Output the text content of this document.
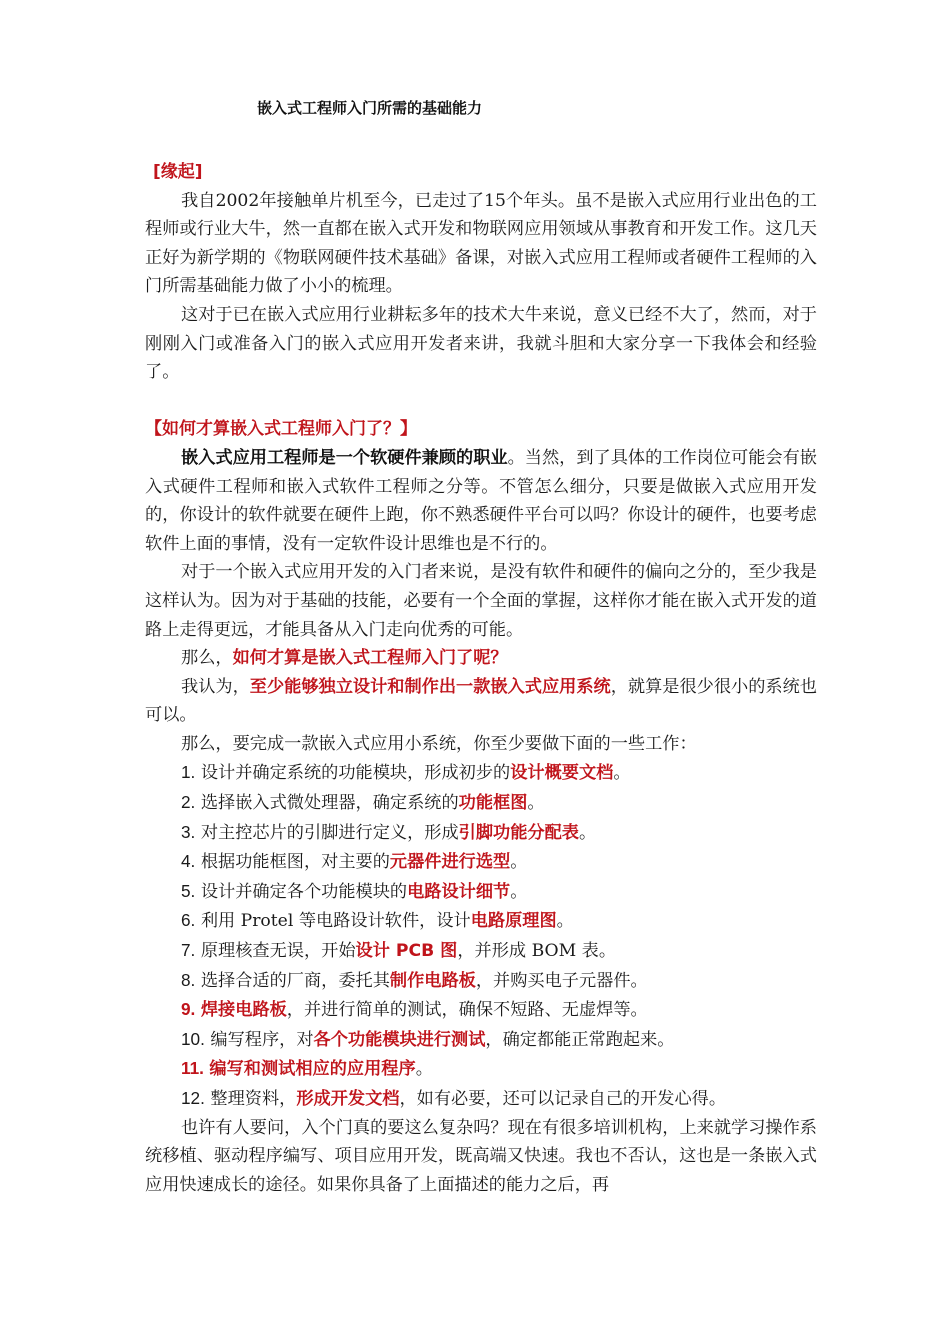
嵌入式工程师入门所需的基础能力

[缘起]

我自2002年接触单片机至今，已走过了15个年头。虽不是嵌入式应用行业出色的工程师或行业大牛，然一直都在嵌入式开发和物联网应用领域从事教育和开发工作。这几天正好为新学期的《物联网硬件技术基础》备课，对嵌入式应用工程师或者硬件工程师的入门所需基础能力做了小小的梳理。

这对于已在嵌入式应用行业耕耘多年的技术大牛来说，意义已经不大了，然而，对于刚刚入门或准备入门的嵌入式应用开发者来讲，我就斗胆和大家分享一下我体会和经验了。

【如何才算嵌入式工程师入门了？】

嵌入式应用工程师是一个软硬件兼顾的职业。当然，到了具体的工作岗位可能会有嵌入式硬件工程师和嵌入式软件工程师之分等。不管怎么细分，只要是做嵌入式应用开发的，你设计的软件就要在硬件上跑，你不熟悉硬件平台可以吗？你设计的硬件，也要考虑软件上面的事情，没有一定软件设计思维也是不行的。

对于一个嵌入式应用开发的入门者来说，是没有软件和硬件的偏向之分的，至少我是这样认为。因为对于基础的技能，必要有一个全面的掌握，这样你才能在嵌入式开发的道路上走得更远，才能具备从入门走向优秀的可能。

那么，如何才算是嵌入式工程师入门了呢？

我认为，至少能够独立设计和制作出一款嵌入式应用系统，就算是很少很小的系统也可以。

那么，要完成一款嵌入式应用小系统，你至少要做下面的一些工作：

1. 设计并确定系统的功能模块，形成初步的设计概要文档。

2. 选择嵌入式微处理器，确定系统的功能框图。

3. 对主控芯片的引脚进行定义，形成引脚功能分配表。

4. 根据功能框图，对主要的元器件进行选型。

5. 设计并确定各个功能模块的电路设计细节。

6. 利用 Protel 等电路设计软件，设计电路原理图。

7. 原理核查无误，开始设计 PCB 图，并形成 BOM 表。

8. 选择合适的厂商，委托其制作电路板，并购买电子元器件。

9. 焊接电路板，并进行简单的测试，确保不短路、无虚焊等。

10. 编写程序，对各个功能模块进行测试，确定都能正常跑起来。

11. 编写和测试相应的应用程序。

12. 整理资料，形成开发文档，如有必要，还可以记录自己的开发心得。

也许有人要问，入个门真的要这么复杂吗？现在有很多培训机构，上来就学习操作系统移植、驱动程序编写、项目应用开发，既高端又快速。我也不否认，这也是一条嵌入式应用快速成长的途径。如果你具备了上面描述的能力之后，再
